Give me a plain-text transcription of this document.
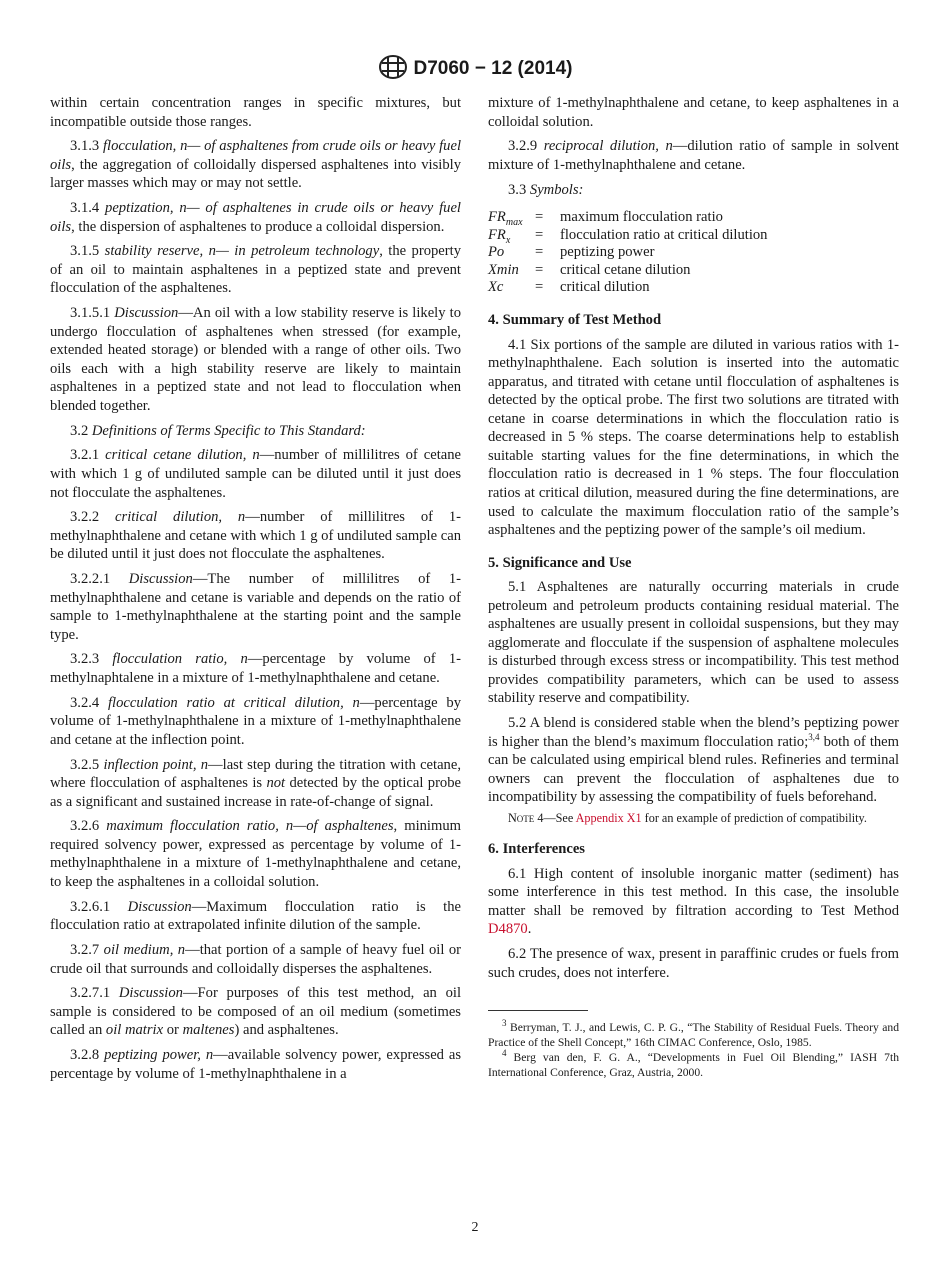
D7060 − 12 (2014)

within certain concentration ranges in specific mixtures, but incompatible outside those ranges.

3.1.3 flocculation, n— of asphaltenes from crude oils or heavy fuel oils, the aggregation of colloidally dispersed asphaltenes into visibly larger masses which may or may not settle.

3.1.4 peptization, n— of asphaltenes in crude oils or heavy fuel oils, the dispersion of asphaltenes to produce a colloidal dispersion.

3.1.5 stability reserve, n— in petroleum technology, the property of an oil to maintain asphaltenes in a peptized state and prevent flocculation of the asphaltenes.

3.1.5.1 Discussion—An oil with a low stability reserve is likely to undergo flocculation of asphaltenes when stressed (for example, extended heated storage) or blended with a range of other oils. Two oils each with a high stability reserve are likely to maintain asphaltenes in a peptized state and not lead to flocculation when blended together.

3.2 Definitions of Terms Specific to This Standard:

3.2.1 critical cetane dilution, n—number of millilitres of cetane with which 1 g of undiluted sample can be diluted until it just does not flocculate the asphaltenes.

3.2.2 critical dilution, n—number of millilitres of 1-methylnaphthalene and cetane with which 1 g of undiluted sample can be diluted until it just does not flocculate the asphaltenes.

3.2.2.1 Discussion—The number of millilitres of 1-methylnaphthalene and cetane is variable and depends on the ratio of sample to 1-methylnaphthalene at the starting point and the sample type.

3.2.3 flocculation ratio, n—percentage by volume of 1-methylnaphtalene in a mixture of 1-methylnaphthalene and cetane.

3.2.4 flocculation ratio at critical dilution, n—percentage by volume of 1-methylnaphthalene in a mixture of 1-methylnaphthalene and cetane at the inflection point.

3.2.5 inflection point, n—last step during the titration with cetane, where flocculation of asphaltenes is not detected by the optical probe as a significant and sustained increase in rate-of-change of signal.

3.2.6 maximum flocculation ratio, n—of asphaltenes, minimum required solvency power, expressed as percentage by volume of 1-methylnaphthalene in a mixture of 1-methylnaphthalene and cetane, to keep the asphaltenes in a colloidal solution.

3.2.6.1 Discussion—Maximum flocculation ratio is the flocculation ratio at extrapolated infinite dilution of the sample.

3.2.7 oil medium, n—that portion of a sample of heavy fuel oil or crude oil that surrounds and colloidally disperses the asphaltenes.

3.2.7.1 Discussion—For purposes of this test method, an oil sample is considered to be composed of an oil medium (sometimes called an oil matrix or maltenes) and asphaltenes.

3.2.8 peptizing power, n—available solvency power, expressed as percentage by volume of 1-methylnaphthalene in a

mixture of 1-methylnaphthalene and cetane, to keep asphaltenes in a colloidal solution.

3.2.9 reciprocal dilution, n—dilution ratio of sample in solvent mixture of 1-methylnaphthalene and cetane.

3.3 Symbols:

$FR_{max}$	=	maximum flocculation ratio
$FR_x$	=	flocculation ratio at critical dilution
Po	=	peptizing power
Xmin	=	critical cetane dilution
Xc	=	critical dilution
4. Summary of Test Method

4.1 Six portions of the sample are diluted in various ratios with 1-methylnaphthalene. Each solution is inserted into the automatic apparatus, and titrated with cetane until flocculation of asphaltenes is detected by the optical probe. The first two solutions are titrated with cetane in coarse determinations in which the flocculation ratio is decreased in 5 % steps. The coarse determinations help to establish suitable starting values for the fine determinations, in which the flocculation ratio is decreased in 1 % steps. The four flocculation ratios at critical dilution, measured during the fine determinations, are used to calculate the maximum flocculation ratio of the sample’s asphaltenes and the peptizing power of the sample’s oil medium.

5. Significance and Use

5.1 Asphaltenes are naturally occurring materials in crude petroleum and petroleum products containing residual material. The asphaltenes are usually present in colloidal suspensions, but they may agglomerate and flocculate if the suspension of asphaltene molecules is disturbed through excess stress or incompatibility. This test method provides compatibility parameters, which can be used to assess stability reserve and compatibility.

5.2 A blend is considered stable when the blend’s peptizing power is higher than the blend’s maximum flocculation ratio;$^{3,4}$ both of them can be calculated using empirical blend rules. Refineries and terminal owners can prevent the flocculation of asphaltenes due to incompatibility by assessing the compatibility of fuels beforehand.

Note 4—See Appendix X1 for an example of prediction of compatibility.

6. Interferences

6.1 High content of insoluble inorganic matter (sediment) has some interference in this test method. In this case, the insoluble matter shall be removed by filtration according to Test Method D4870.

6.2 The presence of wax, present in paraffinic crudes or fuels from such crudes, does not interfere.

$^3$ Berryman, T. J., and Lewis, C. P. G., “The Stability of Residual Fuels. Theory and Practice of the Shell Concept,” 16th CIMAC Conference, Oslo, 1985.

$^4$ Berg van den, F. G. A., “Developments in Fuel Oil Blending,” IASH 7th International Conference, Graz, Austria, 2000.

2
